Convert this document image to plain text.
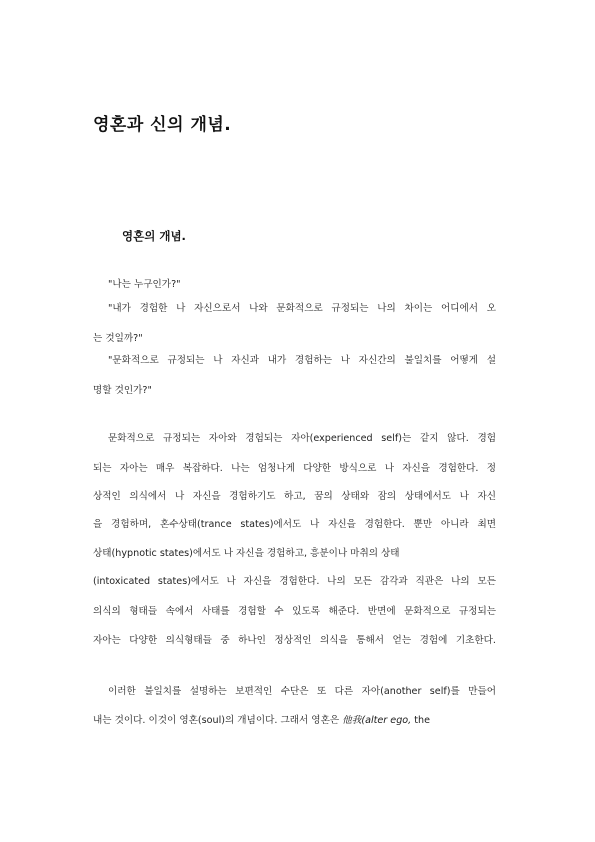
영혼과 신의 개념.
영혼의 개념.
"나는 누구인가?"
"내가 경험한 나 자신으로서 나와 문화적으로 규정되는 나의 차이는 어디에서 오
는 것일까?"
"문화적으로 규정되는 나 자신과 내가 경험하는 나 자신간의 불일치를 어떻게 설
명할 것인가?"
문화적으로 규정되는 자아와 경험되는 자아(experienced self)는 같지 않다. 경험
되는 자아는 매우 복잡하다. 나는 엄청나게 다양한 방식으로 나 자신을 경험한다. 정
상적인 의식에서 나 자신을 경험하기도 하고, 꿈의 상태와 잠의 상태에서도 나 자신
을 경험하며, 혼수상태(trance states)에서도 나 자신을 경험한다. 뿐만 아니라 최면
상태(hypnotic states)에서도 나 자신을 경험하고, 흥분이나 마취의 상태
(intoxicated states)에서도 나 자신을 경험한다. 나의 모든 감각과 직관은 나의 모든
의식의 형태들 속에서 사태를 경험할 수 있도록 해준다. 반면에 문화적으로 규정되는
자아는 다양한 의식형태들 중 하나인 정상적인 의식을 통해서 얻는 경험에 기초한다.
이러한 불일치를 설명하는 보편적인 수단은 또 다른 자아(another self)를 만들어
내는 것이다. 이것이 영혼(soul)의 개념이다. 그래서 영혼은 他我(alter ego, the
